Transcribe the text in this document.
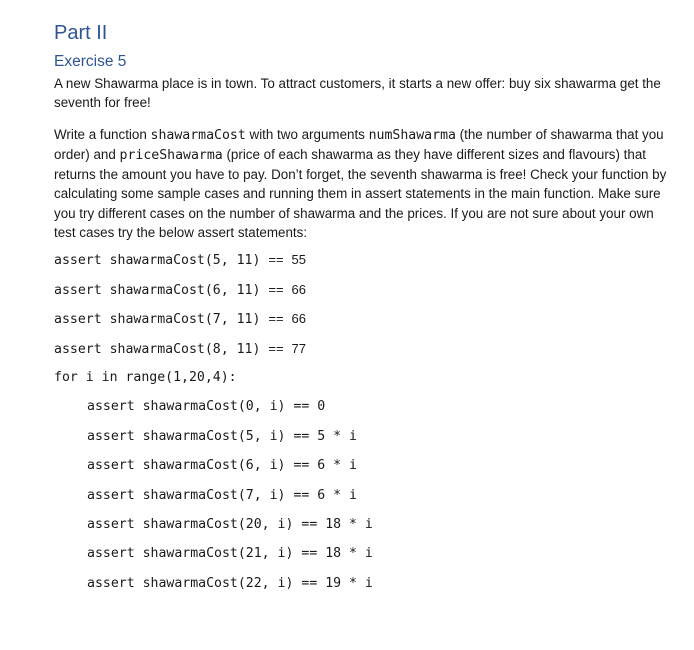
Part II
Exercise 5

A new Shawarma place is in town. To attract customers, it starts a new offer: buy six shawarma get the seventh for free!

Write a function shawarmaCost with two arguments numShawarma (the number of shawarma that you order) and priceShawarma (price of each shawarma as they have different sizes and flavours) that returns the amount you have to pay. Don’t forget, the seventh shawarma is free! Check your function by calculating some sample cases and running them in assert statements in the main function. Make sure you try different cases on the number of shawarma and the prices. If you are not sure about your own test cases try the below assert statements:

assert shawarmaCost(5, 11) == 55
assert shawarmaCost(6, 11) == 66
assert shawarmaCost(7, 11) == 66
assert shawarmaCost(8, 11) == 77
for i in range(1,20,4):
assert shawarmaCost(0, i) == 0
assert shawarmaCost(5, i) == 5 * i
assert shawarmaCost(6, i) == 6 * i
assert shawarmaCost(7, i) == 6 * i
assert shawarmaCost(20, i) == 18 * i
assert shawarmaCost(21, i) == 18 * i
assert shawarmaCost(22, i) == 19 * i
